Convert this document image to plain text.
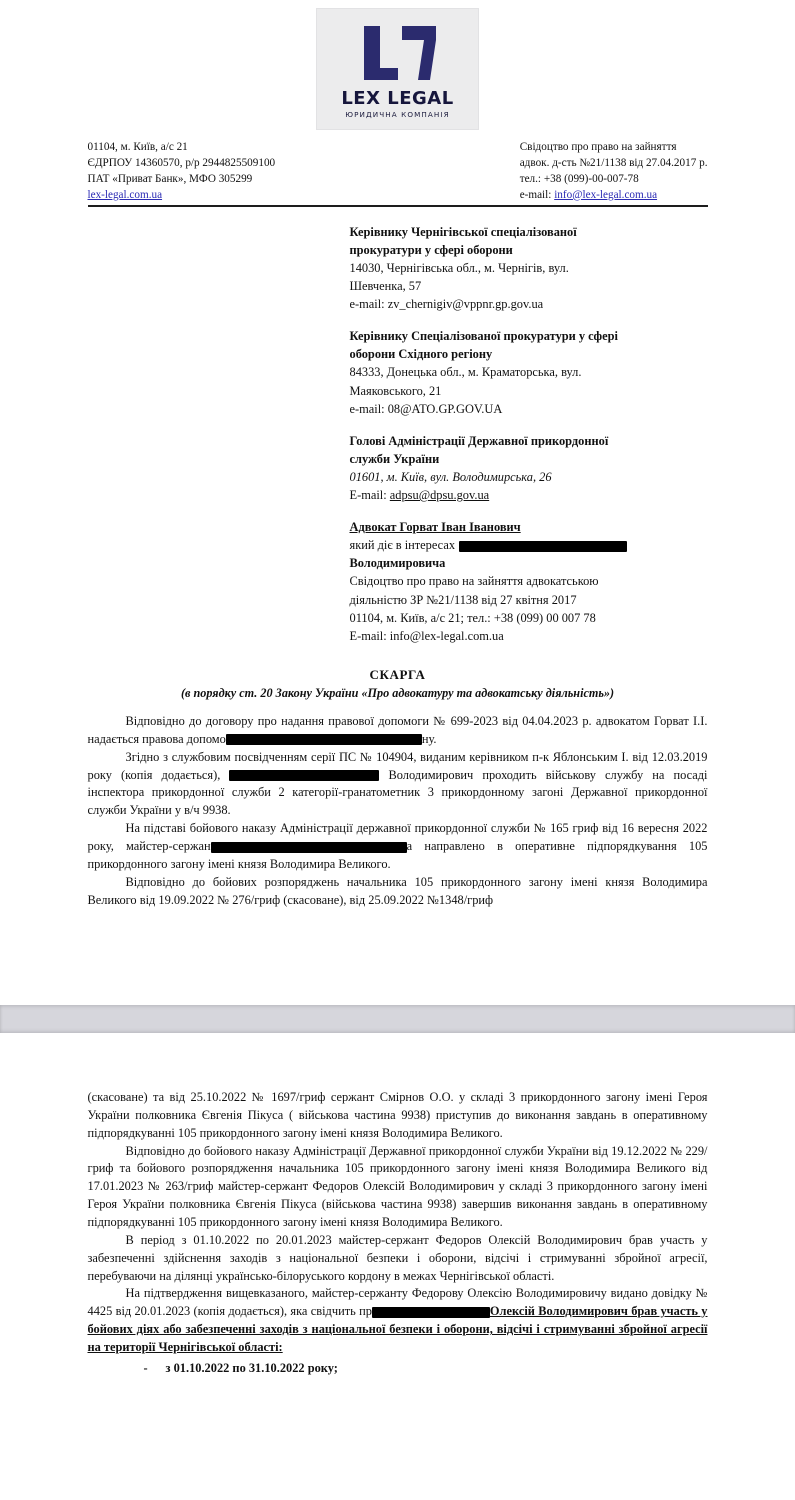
LEX LEGAL
ЮРИДИЧНА КОМПАНІЯ
01104, м. Київ, а/с 21
ЄДРПОУ 14360570, р/р 2944825509100
ПАТ «Приват Банк», МФО 305299
lex-legal.com.ua
Свідоцтво про право на зайняття
адвок. д-сть №21/1138 від 27.04.2017 р.
тел.: +38 (099)-00-007-78
e-mail: info@lex-legal.com.ua
Керівнику Чернігівської спеціалізованої
прокуратури у сфері оборони
14030, Чернігівська обл., м. Чернігів, вул.
Шевченка, 57
e-mail: zv_chernigiv@vppnr.gp.gov.ua
Керівнику Спеціалізованої прокуратури у сфері
оборони Східного регіону
84333, Донецька обл., м. Краматорська, вул.
Маяковського, 21
e-mail: 08@ATO.GP.GOV.UA
Голові Адміністрації Державної прикордонної
служби України
01601, м. Київ, вул. Володимирська, 26
E-mail: adpsu@dpsu.gov.ua
Адвокат Горват Іван Іванович
який діє в інтересах
Володимировича
Свідоцтво про право на зайняття адвокатською
діяльністю ЗР №21/1138 від 27 квітня 2017
01104, м. Київ, а/с 21; тел.: +38 (099) 00 007 78
E-mail: info@lex-legal.com.ua
СКАРГА
(в порядку ст. 20 Закону України «Про адвокатуру та адвокатську діяльність»)

Відповідно до договору про надання правової допомоги № 699-2023 від 04.04.2023 р. адвокатом Горват І.І. надається правова допомо	ну.

Згідно з службовим посвідченням серії ПС № 104904, виданим керівником п-к Яблонським І. від 12.03.2019 року (копія додається),	Володимирович проходить військову службу на посаді інспектора прикордонної служби 2 категорії-гранатометник 3 прикордонному загоні Державної прикордонної служби України у в/ч 9938.

На підставі бойового наказу Адміністрації державної прикордонної служби № 165 гриф від 16 вересня 2022 року, майстер-сержан	а направлено в оперативне підпорядкування 105 прикордонного загону імені князя Володимира Великого.

Відповідно до бойових розпоряджень начальника 105 прикордонного загону імені князя Володимира Великого від 19.09.2022 № 276/гриф (скасоване), від 25.09.2022 №1348/гриф

(скасоване) та від 25.10.2022 № 1697/гриф сержант Смірнов О.О. у складі 3 прикордонного загону імені Героя України полковника Євгенія Пікуса ( військова частина 9938) приступив до виконання завдань в оперативному підпорядкуванні 105 прикордонного загону імені князя Володимира Великого.

Відповідно до бойового наказу Адміністрації Державної прикордонної служби України від 19.12.2022 № 229/гриф та бойового розпорядження начальника 105 прикордонного загону імені князя Володимира Великого від 17.01.2023 № 263/гриф майстер-сержант Федоров Олексій Володимирович у складі 3 прикордонного загону імені Героя України полковника Євгенія Пікуса (військова частина 9938) завершив виконання завдань в оперативному підпорядкуванні 105 прикордонного загону імені князя Володимира Великого.

В період з 01.10.2022 по 20.01.2023 майстер-сержант Федоров Олексій Володимирович брав участь у забезпеченні здійснення заходів з національної безпеки і оборони, відсічі і стримуванні збройної агресії, перебуваючи на ділянці українсько-білоруського кордону в межах Чернігівської області.

На підтвердження вищевказаного, майстер-сержанту Федорову Олексію Володимировичу видано довідку № 4425 від 20.01.2023 (копія додається), яка свідчить пр	Олексій Володимирович брав участь у бойових діях або забезпеченні заходів з національної безпеки і оборони, відсічі і стримуванні збройної агресії на території Чернігівської області:

- з 01.10.2022 по 31.10.2022 року;
